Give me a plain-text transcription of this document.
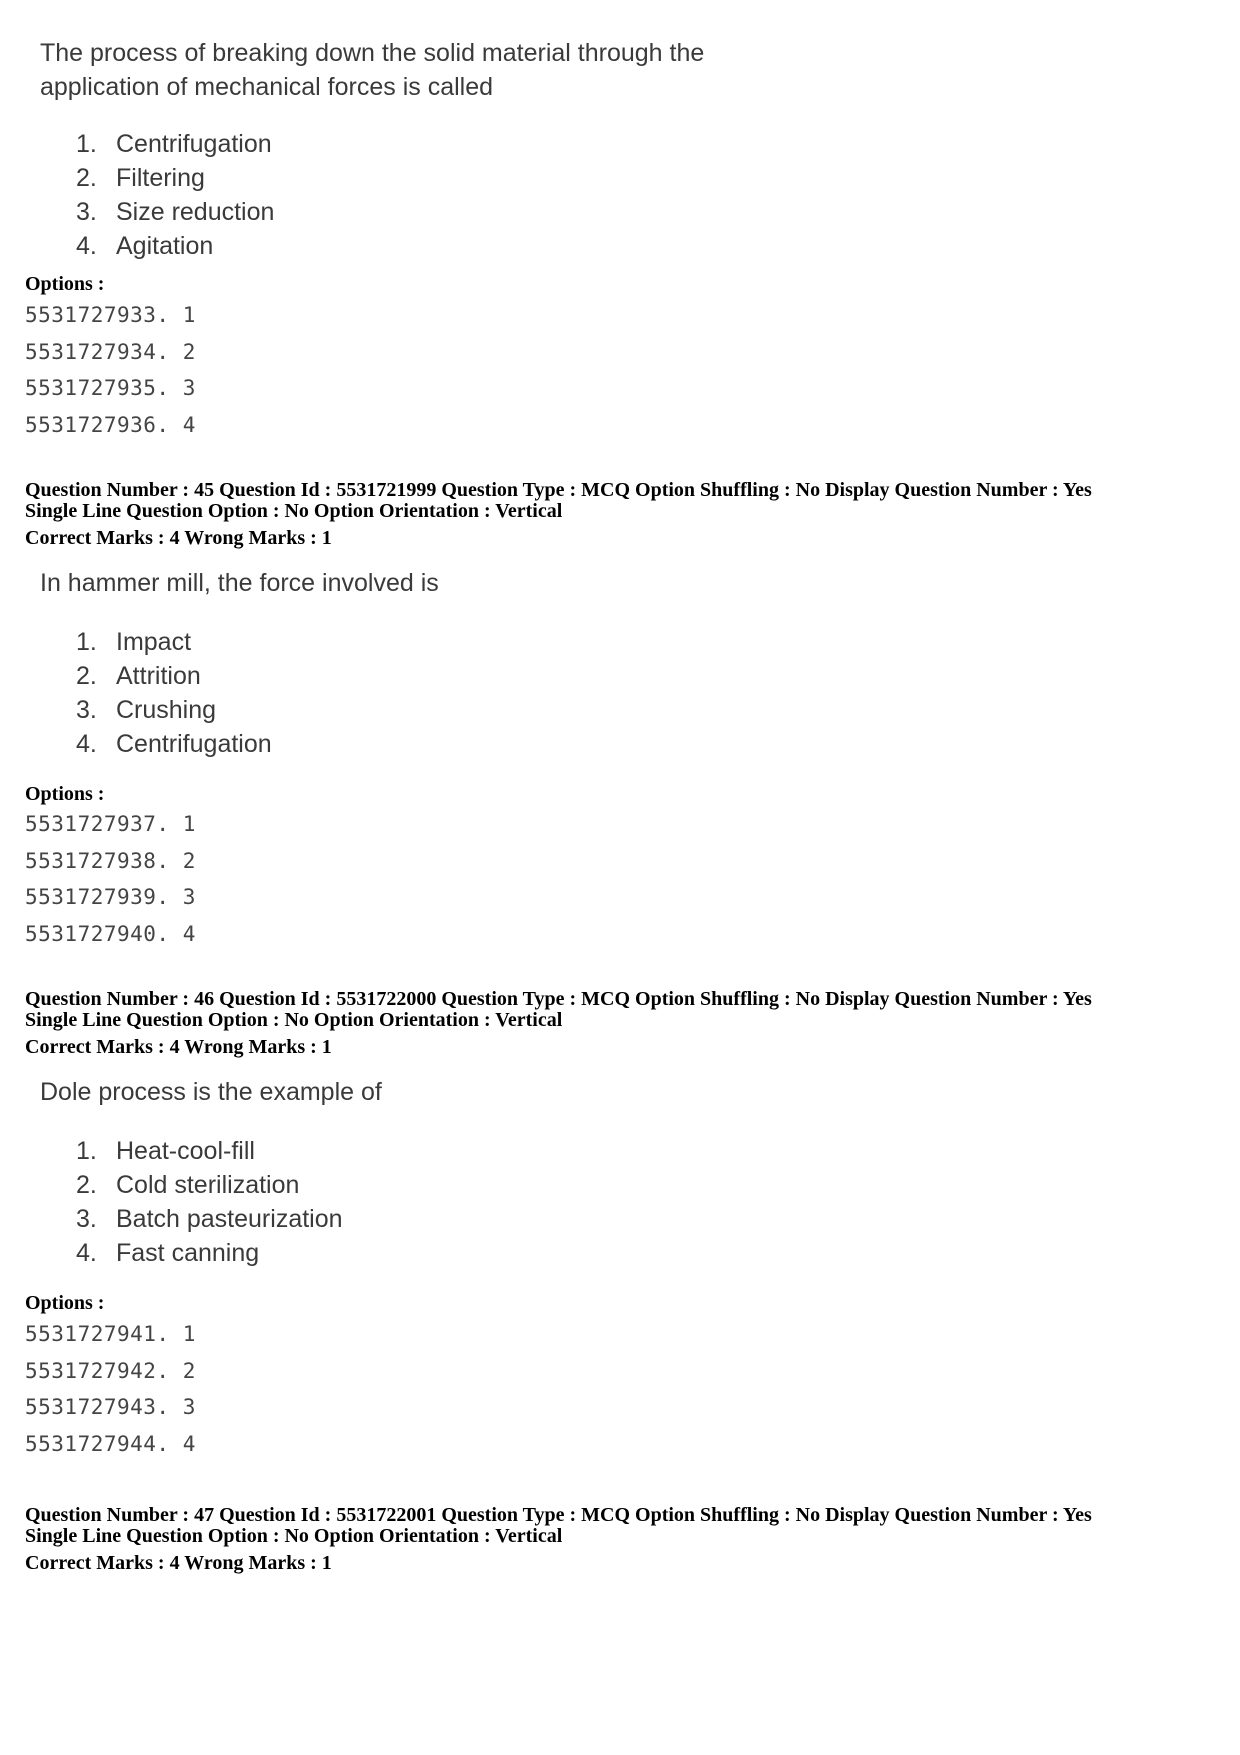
The process of breaking down the solid material through the
application of mechanical forces is called
1. Centrifugation
2. Filtering
3. Size reduction
4. Agitation
Options :
5531727933. 1
5531727934. 2
5531727935. 3
5531727936. 4
Question Number : 45 Question Id : 5531721999 Question Type : MCQ Option Shuffling : No Display Question Number : Yes
Single Line Question Option : No Option Orientation : Vertical
Correct Marks : 4 Wrong Marks : 1
In hammer mill, the force involved is
1. Impact
2. Attrition
3. Crushing
4. Centrifugation
Options :
5531727937. 1
5531727938. 2
5531727939. 3
5531727940. 4
Question Number : 46 Question Id : 5531722000 Question Type : MCQ Option Shuffling : No Display Question Number : Yes
Single Line Question Option : No Option Orientation : Vertical
Correct Marks : 4 Wrong Marks : 1
Dole process is the example of
1. Heat-cool-fill
2. Cold sterilization
3. Batch pasteurization
4. Fast canning
Options :
5531727941. 1
5531727942. 2
5531727943. 3
5531727944. 4
Question Number : 47 Question Id : 5531722001 Question Type : MCQ Option Shuffling : No Display Question Number : Yes
Single Line Question Option : No Option Orientation : Vertical
Correct Marks : 4 Wrong Marks : 1
